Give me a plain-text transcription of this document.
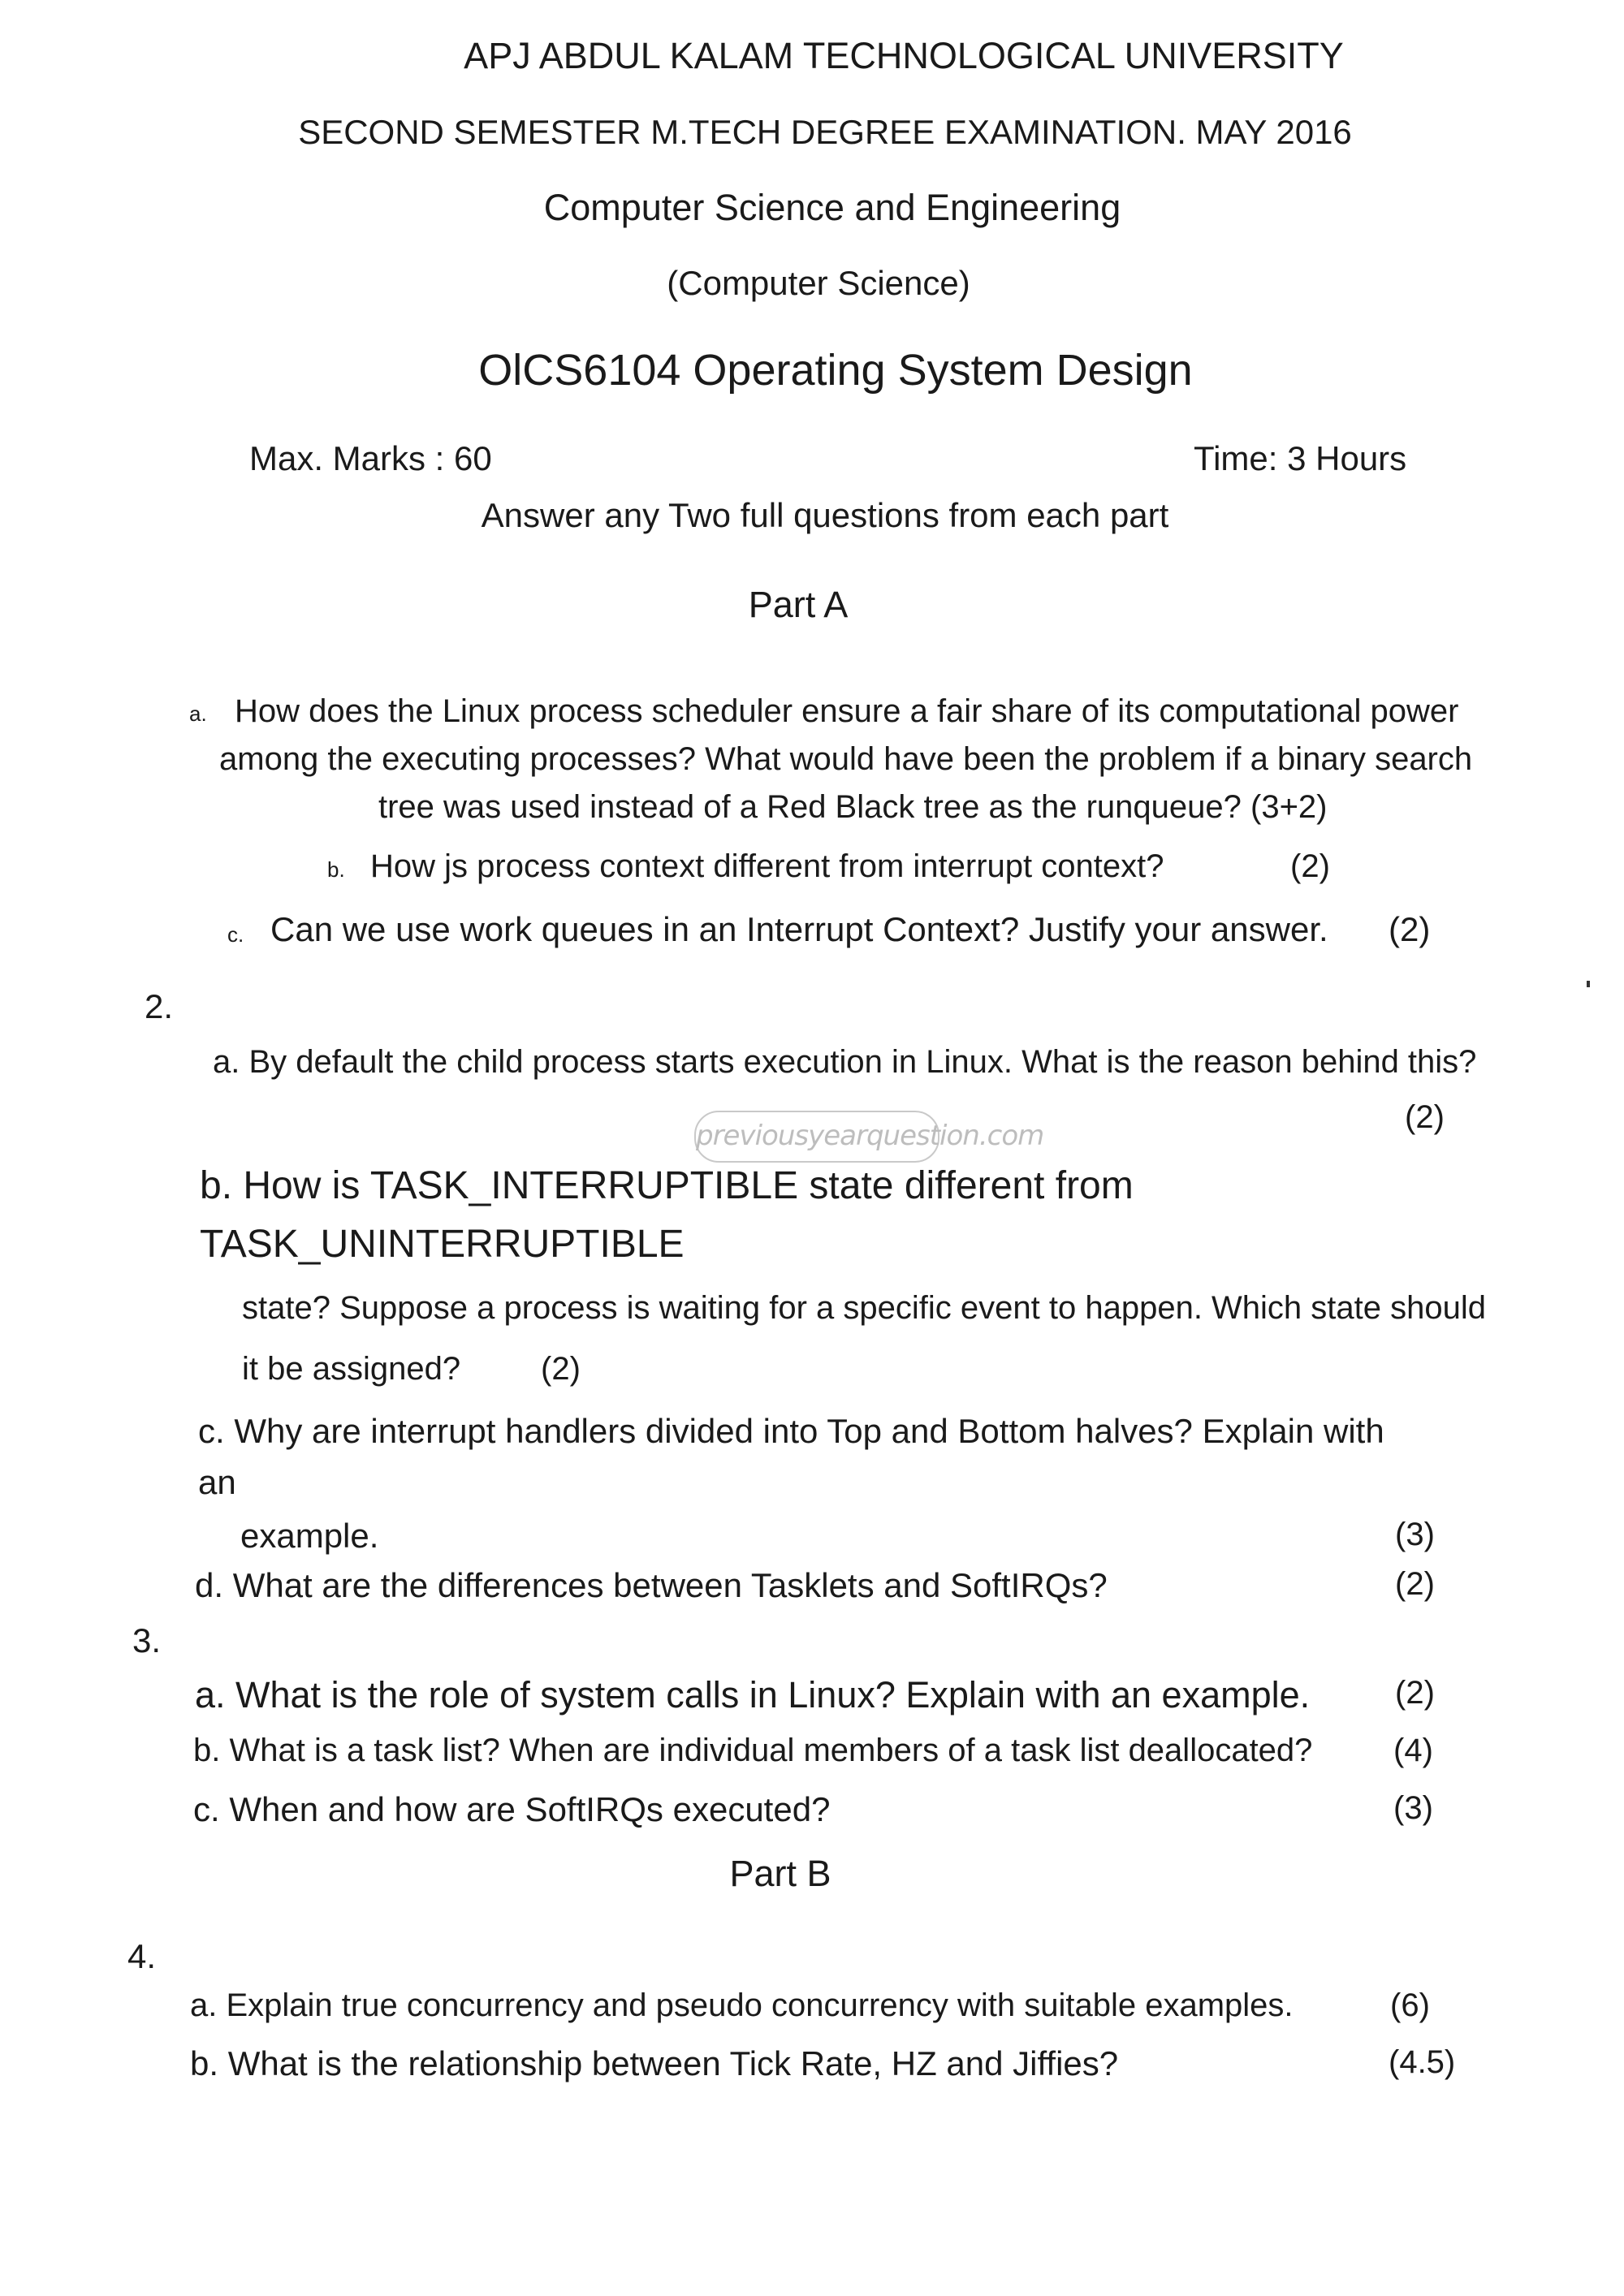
APJ ABDUL KALAM TECHNOLOGICAL UNIVERSITY
SECOND SEMESTER M.TECH DEGREE EXAMINATION. MAY 2016
Computer Science and Engineering
(Computer Science)
OlCS6104 Operating System Design
Max. Marks : 60	Time: 3 Hours
Answer any Two full questions from each part
Part A
a. How does the Linux process scheduler ensure a fair share of its computational power
among the executing processes? What would have been the problem if a binary search
tree was used instead of a Red Black tree as the runqueue? (3+2)
b. How js process context different from interrupt context?	(2)
c. Can we use work queues in an Interrupt Context? Justify your answer. (2)
2.
a. By default the child process starts execution in Linux. What is the reason behind this?
(2)
previousyearquestion.com
b. How is TASK_INTERRUPTIBLE state different from
TASK_UNINTERRUPTIBLE
state? Suppose a process is waiting for a specific event to happen. Which state should
it be assigned? (2)
c. Why are interrupt handlers divided into Top and Bottom halves? Explain with
an
example.	(3)
d. What are the differences between Tasklets and SoftIRQs?	(2)
3.
a. What is the role of system calls in Linux? Explain with an example.	(2)
b. What is a task list? When are individual members of a task list deallocated? (4)
c. When and how are SoftIRQs executed?	(3)
Part B
4.
a. Explain true concurrency and pseudo concurrency with suitable examples.	(6)
b. What is the relationship between Tick Rate, HZ and Jiffies?	(4.5)
